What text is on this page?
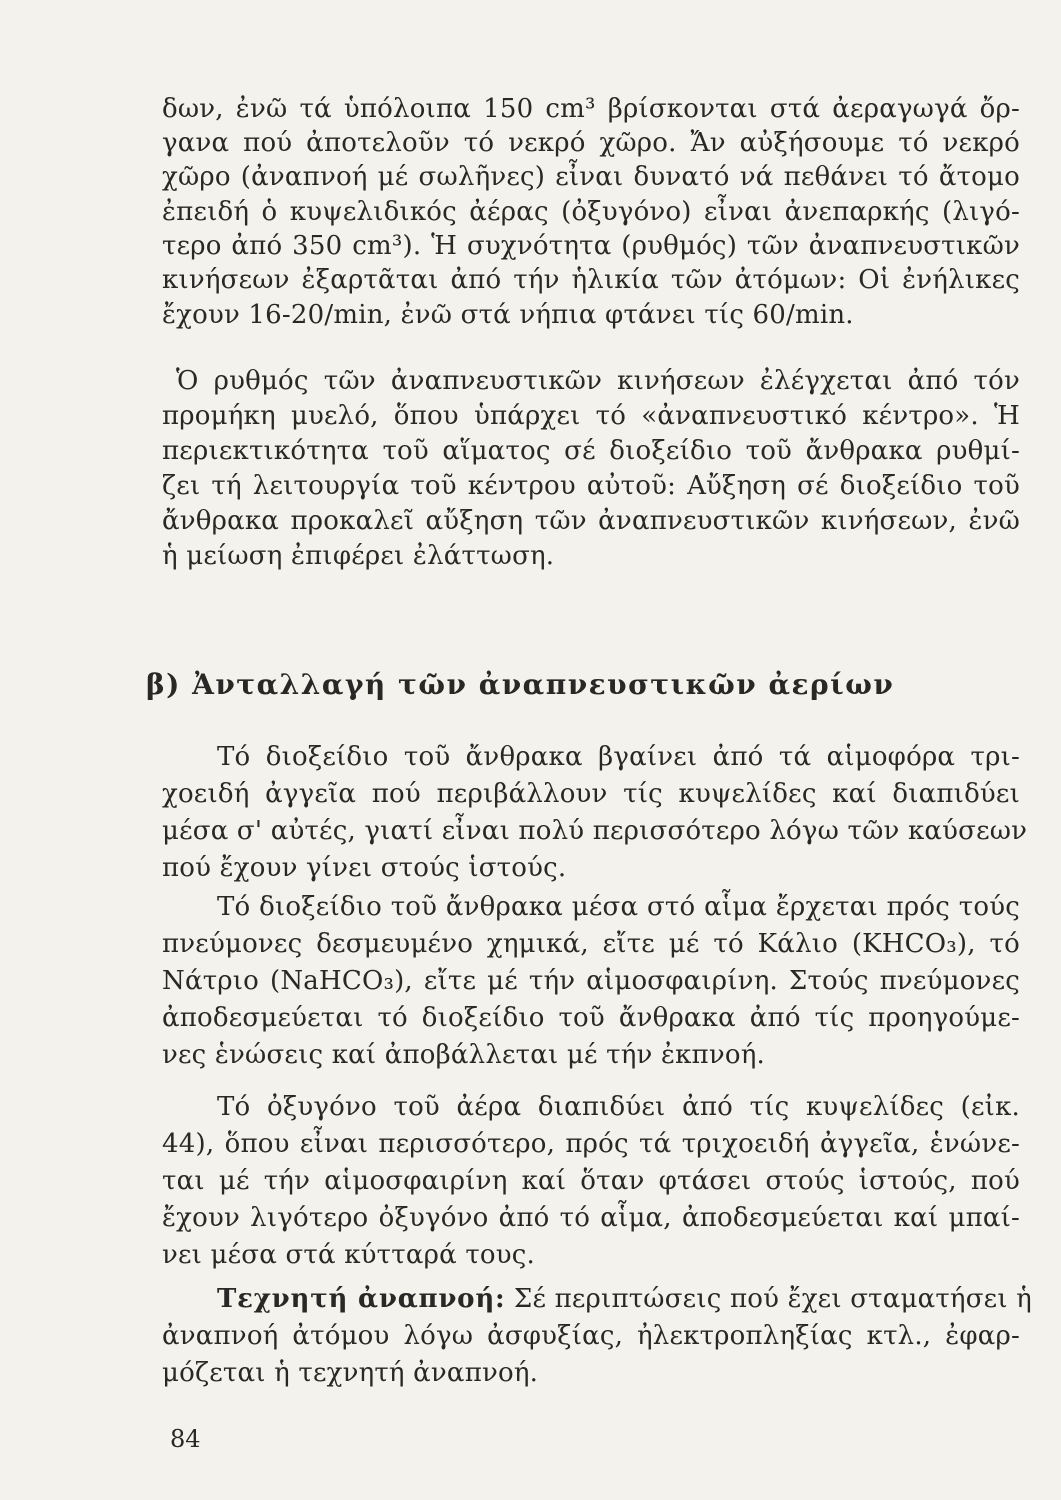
δων, ἐνῶ τά ὑπόλοιπα 150 cm³ βρίσκονται στά ἀεραγωγά ὄρ-
γανα πού ἀποτελοῦν τό νεκρό χῶρο. Ἄν αὐξήσουμε τό νεκρό
χῶρο (ἀναπνοή μέ σωλῆνες) εἶναι δυνατό νά πεθάνει τό ἄτομο
ἐπειδή ὁ κυψελιδικός ἀέρας (ὀξυγόνο) εἶναι ἀνεπαρκής (λιγό-
τερο ἀπό 350 cm³). Ἡ συχνότητα (ρυθμός) τῶν ἀναπνευστικῶν
κινήσεων ἐξαρτᾶται ἀπό τήν ἡλικία τῶν ἀτόμων: Οἱ ἐνήλικες
ἔχουν 16-20/min, ἐνῶ στά νήπια φτάνει τίς 60/min.
Ὁ ρυθμός τῶν ἀναπνευστικῶν κινήσεων ἐλέγχεται ἀπό τόν
προμήκη μυελό, ὅπου ὑπάρχει τό «ἀναπνευστικό κέντρο». Ἡ
περιεκτικότητα τοῦ αἵματος σέ διοξείδιο τοῦ ἄνθρακα ρυθμί-
ζει τή λειτουργία τοῦ κέντρου αὐτοῦ: Αὔξηση σέ διοξείδιο τοῦ
ἄνθρακα προκαλεῖ αὔξηση τῶν ἀναπνευστικῶν κινήσεων, ἐνῶ
ἡ μείωση ἐπιφέρει ἐλάττωση.
β) Ἀνταλλαγή τῶν ἀναπνευστικῶν ἀερίων
Τό διοξείδιο τοῦ ἄνθρακα βγαίνει ἀπό τά αἱμοφόρα τρι-
χοειδή ἀγγεῖα πού περιβάλλουν τίς κυψελίδες καί διαπιδύει
μέσα σ' αὐτές, γιατί εἶναι πολύ περισσότερο λόγω τῶν καύσεων
πού ἔχουν γίνει στούς ἱστούς.
Τό διοξείδιο τοῦ ἄνθρακα μέσα στό αἷμα ἔρχεται πρός τούς
πνεύμονες δεσμευμένο χημικά, εἴτε μέ τό Κάλιο (KHCO₃), τό
Νάτριο (NaHCO₃), εἴτε μέ τήν αἱμοσφαιρίνη. Στούς πνεύμονες
ἀποδεσμεύεται τό διοξείδιο τοῦ ἄνθρακα ἀπό τίς προηγούμε-
νες ἑνώσεις καί ἀποβάλλεται μέ τήν ἐκπνοή.
Τό ὀξυγόνο τοῦ ἀέρα διαπιδύει ἀπό τίς κυψελίδες (εἰκ.
44), ὅπου εἶναι περισσότερο, πρός τά τριχοειδή ἀγγεῖα, ἑνώνε-
ται μέ τήν αἱμοσφαιρίνη καί ὅταν φτάσει στούς ἱστούς, πού
ἔχουν λιγότερο ὀξυγόνο ἀπό τό αἷμα, ἀποδεσμεύεται καί μπαί-
νει μέσα στά κύτταρά τους.
Τεχνητή ἀναπνοή: Σέ περιπτώσεις πού ἔχει σταματήσει ἡ
ἀναπνοή ἀτόμου λόγω ἀσφυξίας, ἠλεκτροπληξίας κτλ., ἐφαρ-
μόζεται ἡ τεχνητή ἀναπνοή.
84
